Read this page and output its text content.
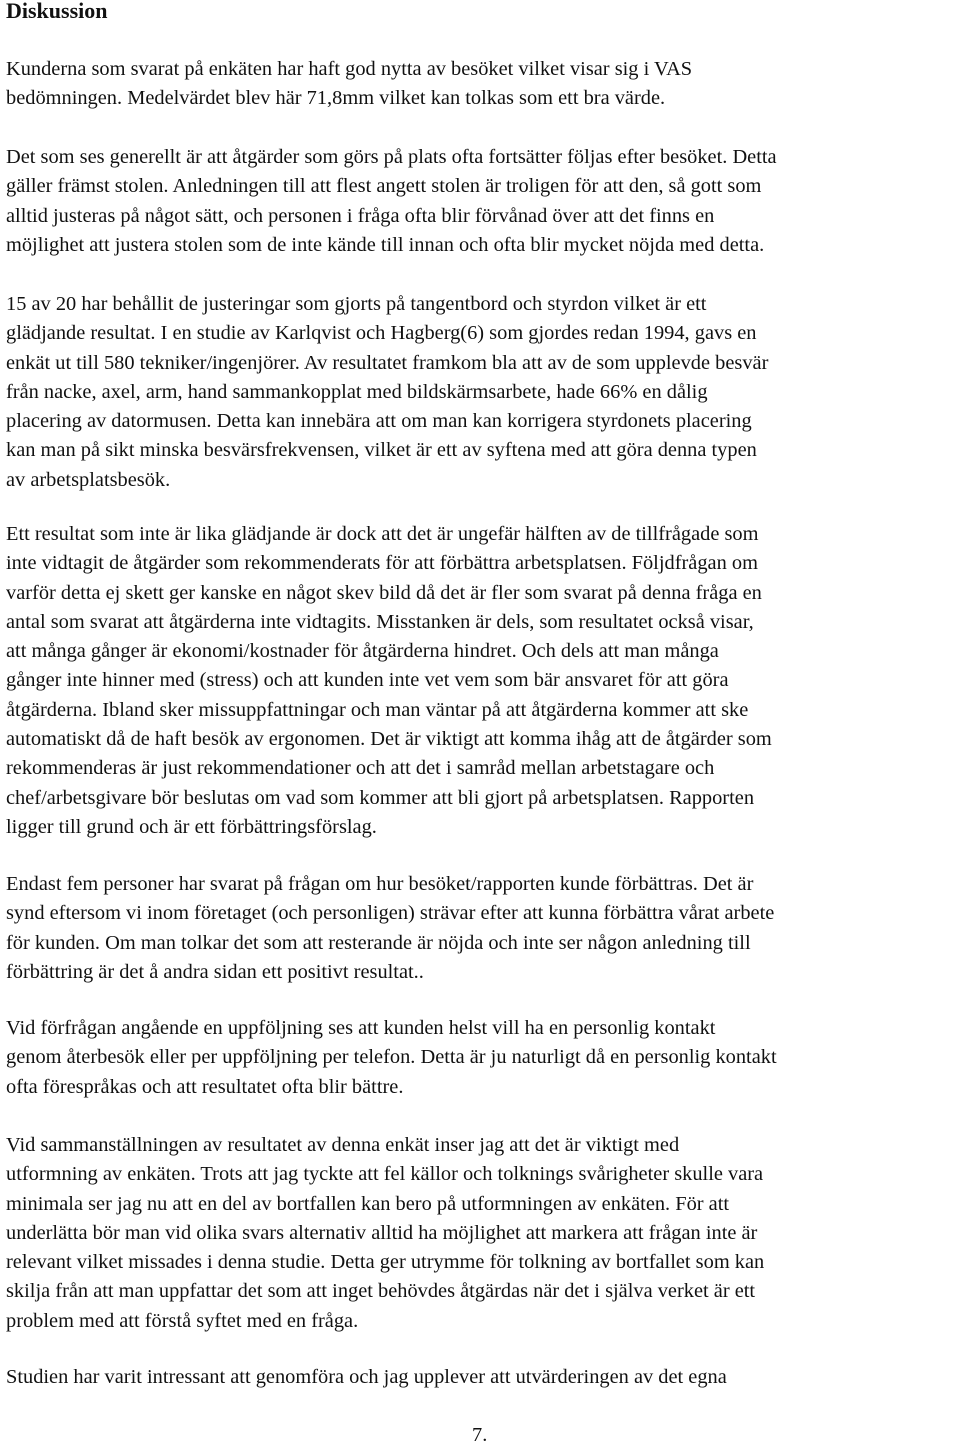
Diskussion

Kunderna som svarat på enkäten har haft god nytta av besöket vilket visar sig i VAS
bedömningen. Medelvärdet blev här 71,8mm vilket kan tolkas som ett bra värde.

Det som ses generellt är att åtgärder som görs på plats ofta fortsätter följas efter besöket. Detta
gäller främst stolen. Anledningen till att flest angett stolen är troligen för att den, så gott som
alltid justeras på något sätt, och personen i fråga ofta blir förvånad över att det finns en
möjlighet att justera stolen som de inte kände till innan och ofta blir mycket nöjda med detta.

15 av 20 har behållit de justeringar som gjorts på tangentbord och styrdon vilket är ett
glädjande resultat. I en studie av Karlqvist och Hagberg(6) som gjordes redan 1994, gavs en
enkät ut till 580 tekniker/ingenjörer. Av resultatet framkom bla att av de som upplevde besvär
från nacke, axel, arm, hand sammankopplat med bildskärmsarbete, hade 66% en dålig
placering av datormusen. Detta kan innebära att om man kan korrigera styrdonets placering
kan man på sikt minska besvärsfrekvensen, vilket är ett av syftena med att göra denna typen
av arbetsplatsbesök.

Ett resultat som inte är lika glädjande är dock att det är ungefär hälften av de tillfrågade som
inte vidtagit de åtgärder som rekommenderats för att förbättra arbetsplatsen. Följdfrågan om
varför detta ej skett ger kanske en något skev bild då det är fler som svarat på denna fråga en
antal som svarat att åtgärderna inte vidtagits. Misstanken är dels, som resultatet också visar,
att många gånger är ekonomi/kostnader för åtgärderna hindret. Och dels att man många
gånger inte hinner med (stress) och att kunden inte vet vem som bär ansvaret för att göra
åtgärderna. Ibland sker missuppfattningar och man väntar på att åtgärderna kommer att ske
automatiskt då de haft besök av ergonomen. Det är viktigt att komma ihåg att de åtgärder som
rekommenderas är just rekommendationer och att det i samråd mellan arbetstagare och
chef/arbetsgivare bör beslutas om vad som kommer att bli gjort på arbetsplatsen. Rapporten
ligger till grund och är ett förbättringsförslag.

Endast fem personer har svarat på frågan om hur besöket/rapporten kunde förbättras. Det är
synd eftersom vi inom företaget (och personligen) strävar efter att kunna förbättra vårat arbete
för kunden. Om man tolkar det som att resterande är nöjda och inte ser någon anledning till
förbättring är det å andra sidan ett positivt resultat..

Vid förfrågan angående en uppföljning ses att kunden helst vill ha en personlig kontakt
genom återbesök eller per uppföljning per telefon. Detta är ju naturligt då en personlig kontakt
ofta förespråkas och att resultatet ofta blir bättre.

Vid sammanställningen av resultatet av denna enkät inser jag att det är viktigt med
utformning av enkäten. Trots att jag tyckte att fel källor och tolknings svårigheter skulle vara
minimala ser jag nu att en del av bortfallen kan bero på utformningen av enkäten. För att
underlätta bör man vid olika svars alternativ alltid ha möjlighet att markera att frågan inte är
relevant vilket missades i denna studie. Detta ger utrymme för tolkning av bortfallet som kan
skilja från att man uppfattar det som att inget behövdes åtgärdas när det i själva verket är ett
problem med att förstå syftet med en fråga.

Studien har varit intressant att genomföra och jag upplever att utvärderingen av det egna

7.
